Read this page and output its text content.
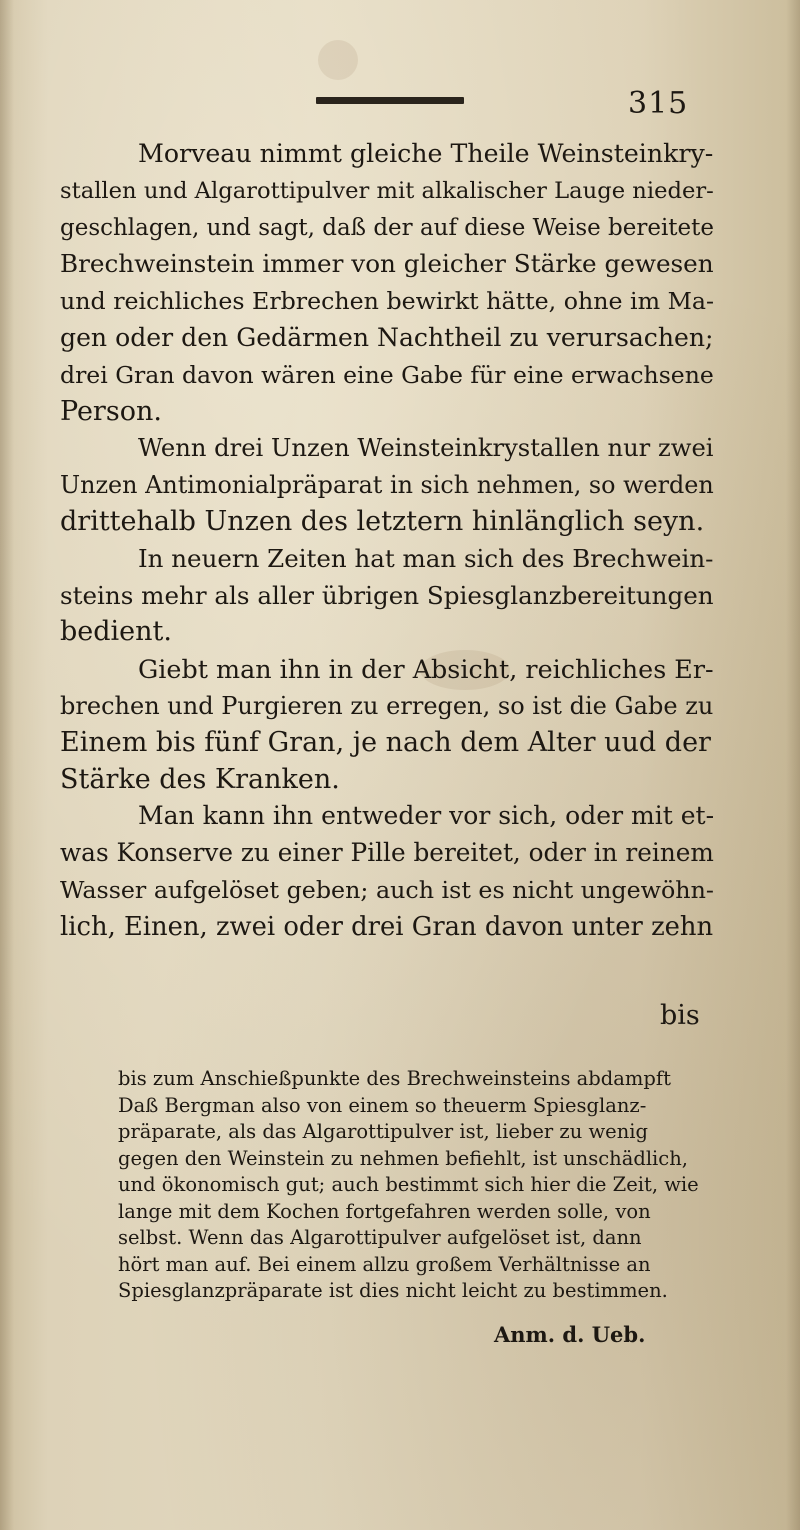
315
Morveau nimmt gleiche Theile Weinsteinkry-
stallen und Algarottipulver mit alkalischer Lauge nieder-
geschlagen, und sagt, daß der auf diese Weise bereitete
Brechweinstein immer von gleicher Stärke gewesen
und reichliches Erbrechen bewirkt hätte, ohne im Ma-
gen oder den Gedärmen Nachtheil zu verursachen;
drei Gran davon wären eine Gabe für eine erwachsene
Person.
Wenn drei Unzen Weinsteinkrystallen nur zwei
Unzen Antimonialpräparat in sich nehmen, so werden
drittehalb Unzen des letztern hinlänglich seyn.
In neuern Zeiten hat man sich des Brechwein-
steins mehr als aller übrigen Spiesglanzbereitungen
bedient.
Giebt man ihn in der Absicht, reichliches Er-
brechen und Purgieren zu erregen, so ist die Gabe zu
Einem bis fünf Gran, je nach dem Alter uud der
Stärke des Kranken.
Man kann ihn entweder vor sich, oder mit et-
was Konserve zu einer Pille bereitet, oder in reinem
Wasser aufgelöset geben; auch ist es nicht ungewöhn-
lich, Einen, zwei oder drei Gran davon unter zehn
bis
bis zum Anschießpunkte des Brechweinsteins abdampft
Daß Bergman also von einem so theuerm Spiesglanz-
präparate, als das Algarottipulver ist, lieber zu wenig
gegen den Weinstein zu nehmen befiehlt, ist unschädlich,
und ökonomisch gut; auch bestimmt sich hier die Zeit, wie
lange mit dem Kochen fortgefahren werden solle, von
selbst. Wenn das Algarottipulver aufgelöset ist, dann
hört man auf. Bei einem allzu großem Verhältnisse an
Spiesglanzpräparate ist dies nicht leicht zu bestimmen.
Anm. d. Ueb.
